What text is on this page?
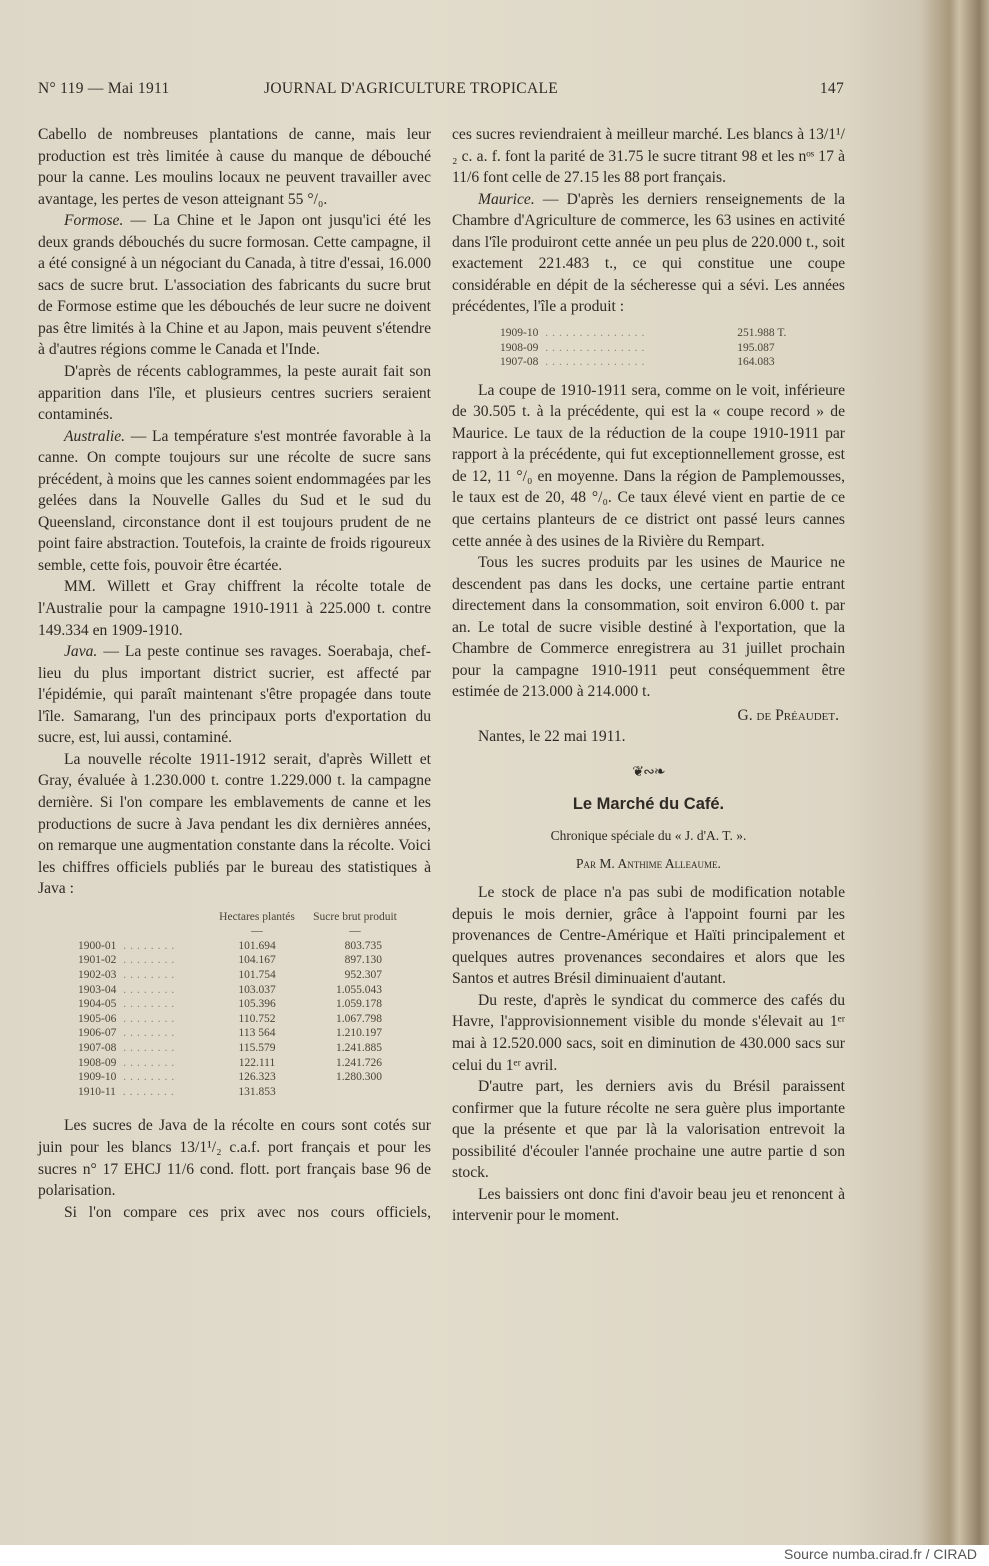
N° 119 — Mai 1911	JOURNAL D'AGRICULTURE TROPICALE	147

Cabello de nombreuses plantations de canne, mais leur production est très limitée à cause du manque de débouché pour la canne. Les moulins locaux ne peuvent travailler avec avantage, les pertes de veson atteignant 55 °/₀.

Formose. — La Chine et le Japon ont jusqu'ici été les deux grands débouchés du sucre formosan. Cette campagne, il a été consigné à un négociant du Canada, à titre d'essai, 16.000 sacs de sucre brut. L'association des fabricants du sucre brut de Formose estime que les débouchés de leur sucre ne doivent pas être limités à la Chine et au Japon, mais peuvent s'étendre à d'autres régions comme le Canada et l'Inde.

D'après de récents cablogrammes, la peste aurait fait son apparition dans l'île, et plusieurs centres sucriers seraient contaminés.

Australie. — La température s'est montrée favorable à la canne. On compte toujours sur une récolte de sucre sans précédent, à moins que les cannes soient endommagées par les gelées dans la Nouvelle Galles du Sud et le sud du Queensland, circonstance dont il est toujours prudent de ne point faire abstraction. Toutefois, la crainte de froids rigoureux semble, cette fois, pouvoir être écartée.

MM. Willett et Gray chiffrent la récolte totale de l'Australie pour la campagne 1910-1911 à 225.000 t. contre 149.334 en 1909-1910.

Java. — La peste continue ses ravages. Soerabaja, chef-lieu du plus important district sucrier, est affecté par l'épidémie, qui paraît maintenant s'être propagée dans toute l'île. Samarang, l'un des principaux ports d'exportation du sucre, est, lui aussi, contaminé.

La nouvelle récolte 1911-1912 serait, d'après Willett et Gray, évaluée à 1.230.000 t. contre 1.229.000 t. la campagne dernière. Si l'on compare les emblavements de canne et les productions de sucre à Java pendant les dix dernières années, on remarque une augmentation constante dans la récolte. Voici les chiffres officiels publiés par le bureau des statistiques à Java :

	Hectares plantés	Sucre brut produit
	—	—
1900-01 ........	101.694	803.735
1901-02 ........	104.167	897.130
1902-03 ........	101.754	952.307
1903-04 ........	103.037	1.055.043
1904-05 ........	105.396	1.059.178
1905-06 ........	110.752	1.067.798
1906-07 ........	113 564	1.210.197
1907-08 ........	115.579	1.241.885
1908-09 ........	122.111	1.241.726
1909-10 ........	126.323	1.280.300
1910-11 ........	131.853	

Les sucres de Java de la récolte en cours sont cotés sur juin pour les blancs 13/1¹/₂ c.a.f. port français et pour les sucres n° 17 EHCJ 11/6 cond. flott. port français base 96 de polarisation.

Si l'on compare ces prix avec nos cours officiels,

ces sucres reviendraient à meilleur marché. Les blancs à 13/1¹/₂ c. a. f. font la parité de 31.75 le sucre titrant 98 et les nᵒˢ 17 à 11/6 font celle de 27.15 les 88 port français.

Maurice. — D'après les derniers renseignements de la Chambre d'Agriculture de commerce, les 63 usines en activité dans l'île produiront cette année un peu plus de 220.000 t., soit exactement 221.483 t., ce qui constitue une coupe considérable en dépit de la sécheresse qui a sévi. Les années précédentes, l'île a produit :

1909-10 ...............	251.988 T.
1908-09 ...............	195.087
1907-08 ...............	164.083

La coupe de 1910-1911 sera, comme on le voit, inférieure de 30.505 t. à la précédente, qui est la « coupe record » de Maurice. Le taux de la réduction de la coupe 1910-1911 par rapport à la précédente, qui fut exceptionnellement grosse, est de 12, 11 °/₀ en moyenne. Dans la région de Pamplemousses, le taux est de 20, 48 °/₀. Ce taux élevé vient en partie de ce que certains planteurs de ce district ont passé leurs cannes cette année à des usines de la Rivière du Rempart.

Tous les sucres produits par les usines de Maurice ne descendent pas dans les docks, une certaine partie entrant directement dans la consommation, soit environ 6.000 t. par an. Le total de sucre visible destiné à l'exportation, que la Chambre de Commerce enregistrera au 31 juillet prochain pour la campagne 1910-1911 peut conséquemment être estimée de 213.000 à 214.000 t.

G. de Préaudet.
Nantes, le 22 mai 1911.
❦∾❧
Le Marché du Café.
Chronique spéciale du « J. d'A. T. ».
Par M. Anthime Alleaume.

Le stock de place n'a pas subi de modification notable depuis le mois dernier, grâce à l'appoint fourni par les provenances de Centre-Amérique et Haïti principalement et quelques autres provenances secondaires et alors que les Santos et autres Brésil diminuaient d'autant.

Du reste, d'après le syndicat du commerce des cafés du Havre, l'approvisionnement visible du monde s'élevait au 1ᵉʳ mai à 12.520.000 sacs, soit en diminution de 430.000 sacs sur celui du 1ᵉʳ avril.

D'autre part, les derniers avis du Brésil paraissent confirmer que la future récolte ne sera guère plus importante que la présente et que par là la valorisation entrevoit la possibilité d'écouler l'année prochaine une autre partie d son stock.

Les baissiers ont donc fini d'avoir beau jeu et renoncent à intervenir pour le moment.

Source numba.cirad.fr / CIRAD
